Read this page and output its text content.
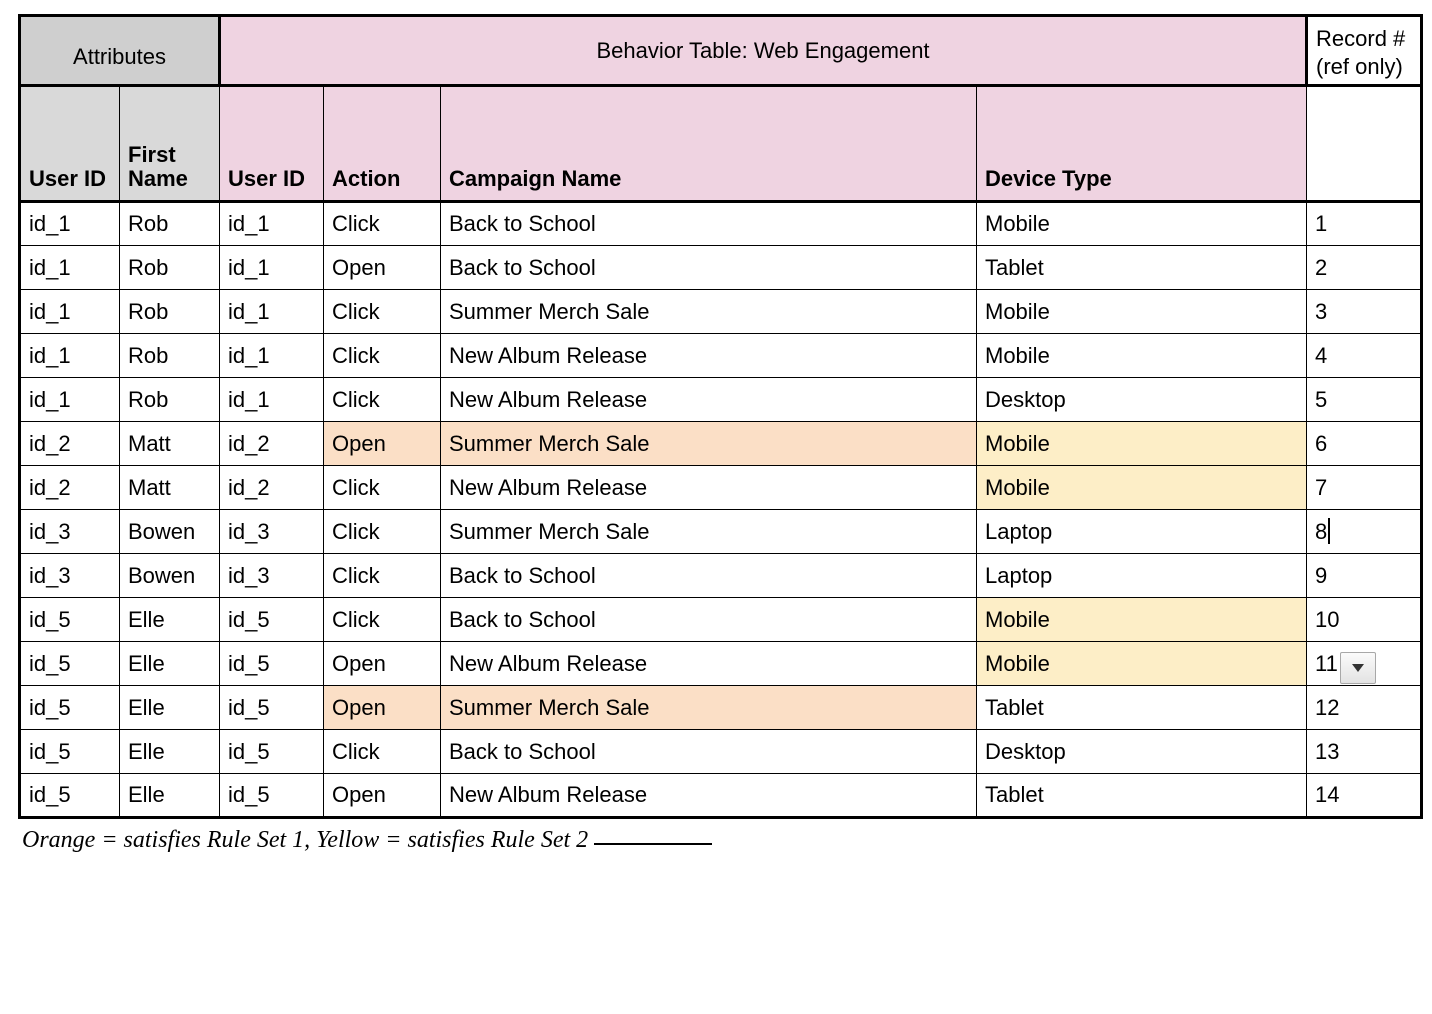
Attributes		Behavior Table: Web Engagement				Record # (ref only)
User ID	First Name	User ID	Action	Campaign Name	Device Type	
id_1	Rob	id_1	Click	Back to School	Mobile	1
id_1	Rob	id_1	Open	Back to School	Tablet	2
id_1	Rob	id_1	Click	Summer Merch Sale	Mobile	3
id_1	Rob	id_1	Click	New Album Release	Mobile	4
id_1	Rob	id_1	Click	New Album Release	Desktop	5
id_2	Matt	id_2	Open	Summer Merch Sale	Mobile	6
id_2	Matt	id_2	Click	New Album Release	Mobile	7
id_3	Bowen	id_3	Click	Summer Merch Sale	Laptop	8
id_3	Bowen	id_3	Click	Back to School	Laptop	9
id_5	Elle	id_5	Click	Back to School	Mobile	10
id_5	Elle	id_5	Open	New Album Release	Mobile	11
id_5	Elle	id_5	Open	Summer Merch Sale	Tablet	12
id_5	Elle	id_5	Click	Back to School	Desktop	13
id_5	Elle	id_5	Open	New Album Release	Tablet	14
Orange = satisfies Rule Set 1, Yellow = satisfies Rule Set 2
